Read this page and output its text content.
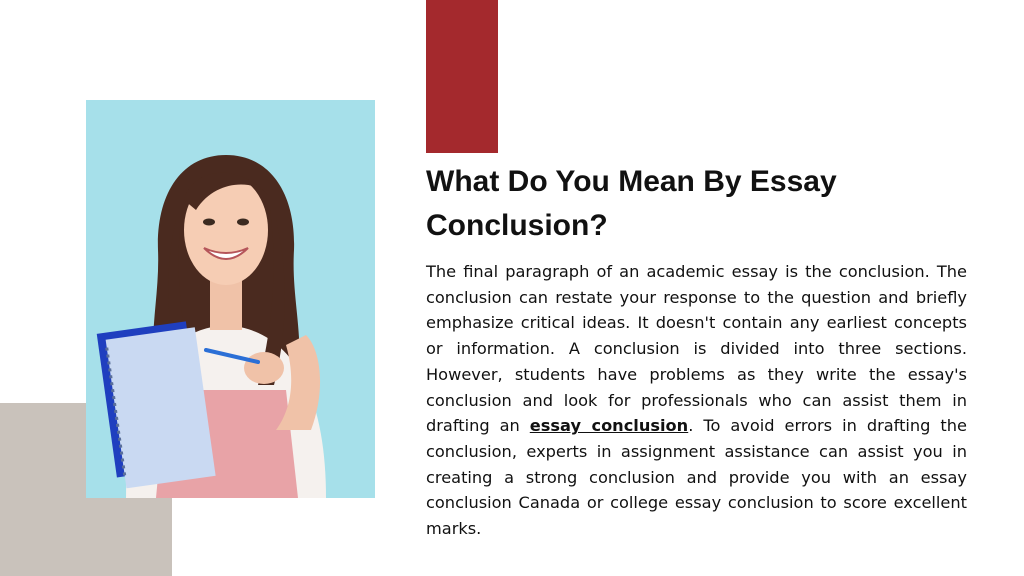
What Do You Mean By Essay Conclusion?

The final paragraph of an academic essay is the conclusion. The conclusion can restate your response to the question and briefly emphasize critical ideas. It doesn't contain any earliest concepts or information. A conclusion is divided into three sections. However, students have problems as they write the essay's conclusion and look for professionals who can assist them in drafting an essay conclusion. To avoid errors in drafting the conclusion, experts in assignment assistance can assist you in creating a strong conclusion and provide you with an essay conclusion Canada or college essay conclusion to score excellent marks.
